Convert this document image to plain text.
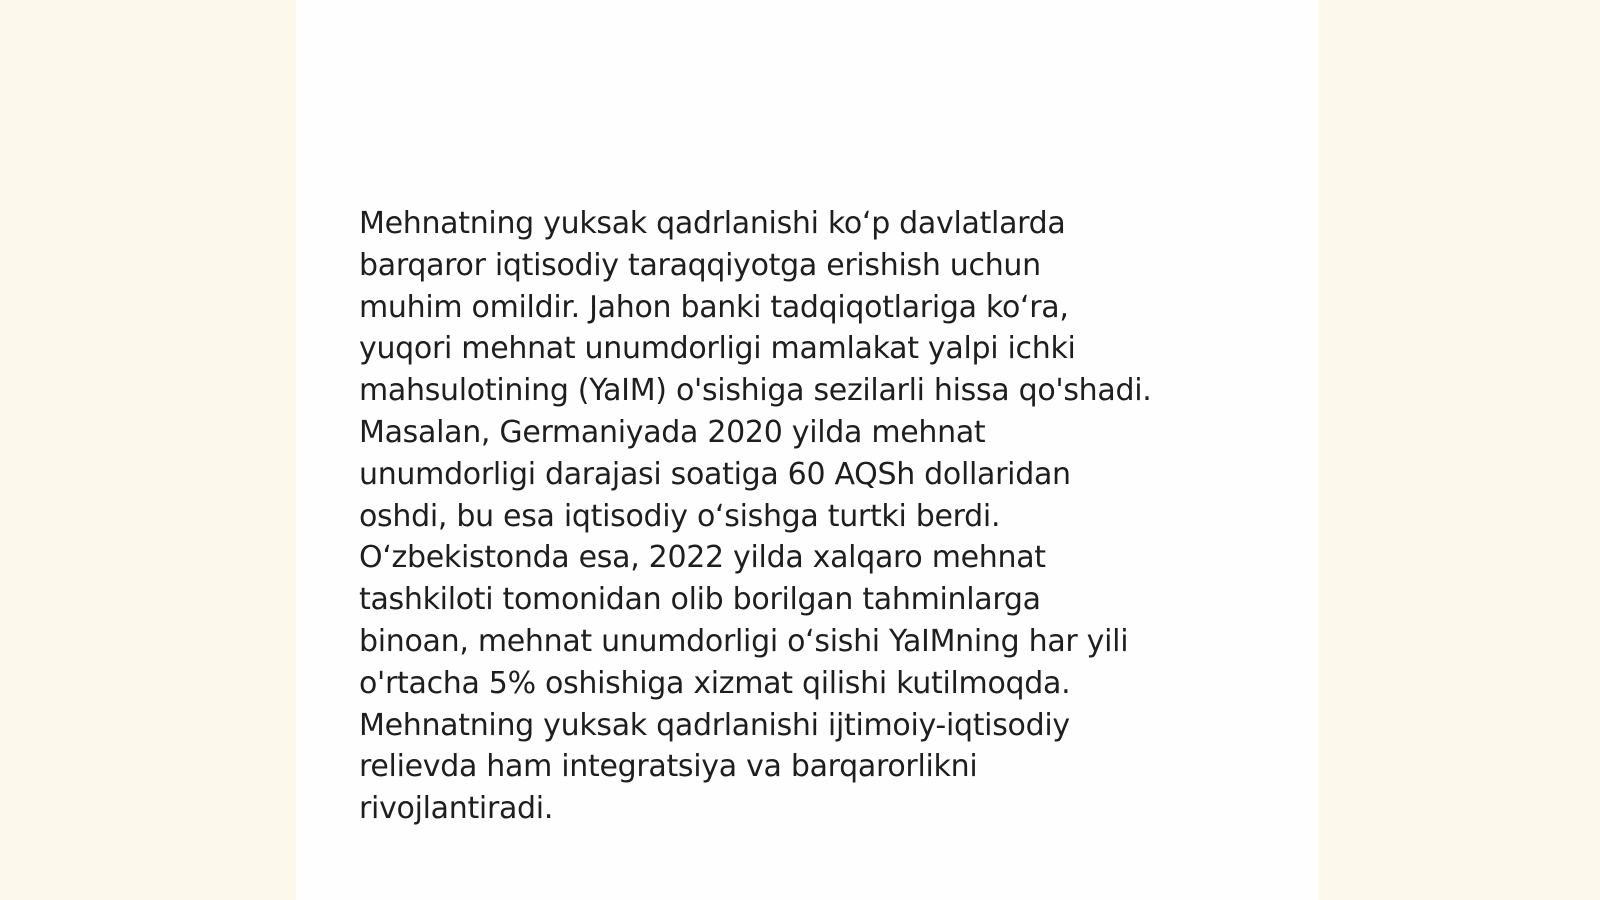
Mehnatning yuksak qadrlanishi ko‘p davlatlarda
barqaror iqtisodiy taraqqiyotga erishish uchun
muhim omildir. Jahon banki tadqiqotlariga ko‘ra,
yuqori mehnat unumdorligi mamlakat yalpi ichki
mahsulotining (YaIM) o'sishiga sezilarli hissa qo'shadi.
Masalan, Germaniyada 2020 yilda mehnat
unumdorligi darajasi soatiga 60 AQSh dollaridan
oshdi, bu esa iqtisodiy o‘sishga turtki berdi.
O‘zbekistonda esa, 2022 yilda xalqaro mehnat
tashkiloti tomonidan olib borilgan tahminlarga
binoan, mehnat unumdorligi o‘sishi YaIMning har yili
o'rtacha 5% oshishiga xizmat qilishi kutilmoqda.
Mehnatning yuksak qadrlanishi ijtimoiy-iqtisodiy
relievda ham integratsiya va barqarorlikni
rivojlantiradi.
